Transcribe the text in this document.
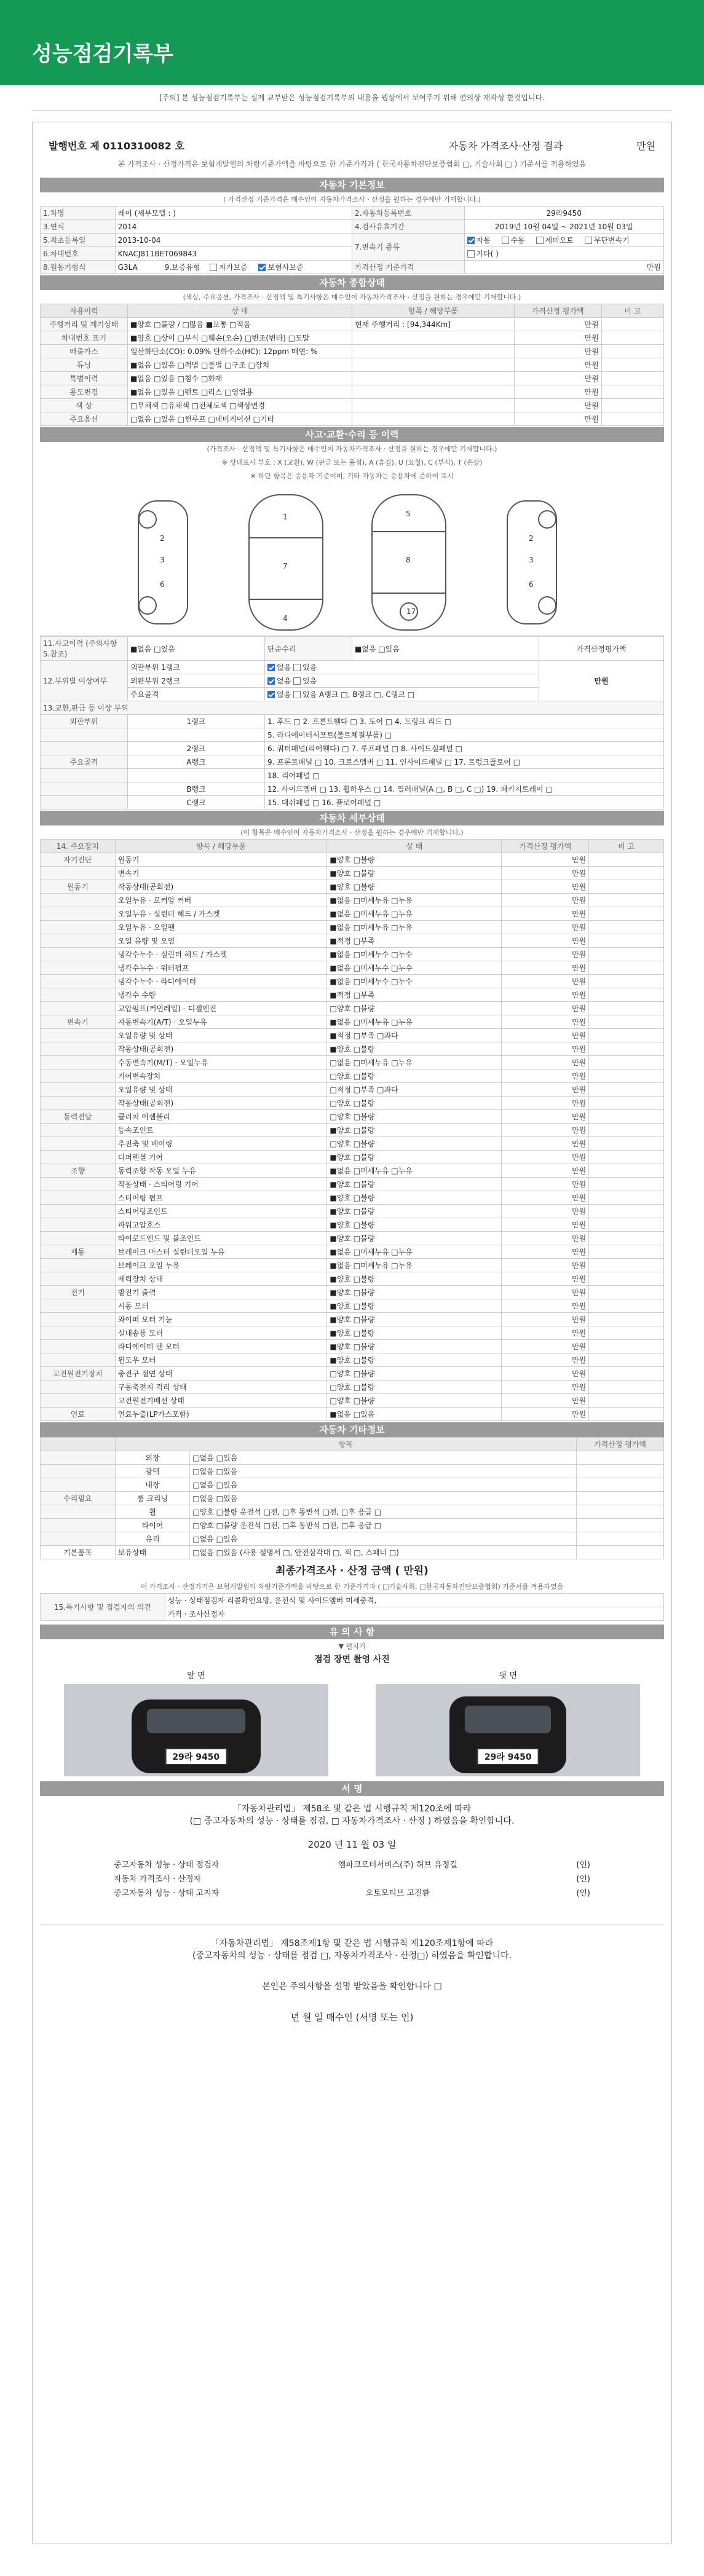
성능점검기록부
[주의] 본 성능점검기록부는 실제 교부받은 성능점검기록부의 내용을 웹상에서 보여주기 위해 편의상 재작성 한것입니다.
발행번호 제 0110310082 호	자동차 가격조사·산정 결과	만원
본 가격조사 · 산정가격은 보험개발원의 차량기준가액을 바탕으로 한 가준가격과 ( 한국자동차진단보증협회 □, 기술사회 □ ) 기준서를 적용하였음
자동차 기본정보
( 가격산정 기준가격은 매수인이 자동차가격조사 · 산정을 원하는 경우에만 기재합니다.)
1.차명	레이 (세부모델 : )	2.자동차등록번호	29라9450
3.연식	2014	4.검사유효기간	2019년 10월 04일 ~ 2021년 10월 03일
5.최초등록일	2013-10-04	7.변속기 종류	자동 수동 세미오토 무단변속기
6.차대번호	KNACJ811BET069843		기타( )
8.원동기형식	G3LA 9.보증유형 자가보증 보험사보증	가격산정 기준가격	만원
자동차 종합상태
(색상, 주요옵션, 가격조사 · 산정액 및 특기사항은 매수인이 자동차가격조사 · 산정을 원하는 경우에만 기재합니다.)
사용이력	상 태	항목 / 해당부품	가격산정 평가액	비 고
주행거리 및 계기상태	■양호 □불량 / □많음 ■보통 □적음	현재 주행거리 : [94,344Km]	만원	
차대번호 표기	■양호 □상이 □부식 □훼손(오손) □변조(변타) □도말		만원	
배출가스	일산화탄소(CO): 0.09% 탄화수소(HC): 12ppm 매연: %		만원	
튜닝	■없음 □있음 □적법 □불법 □구조 □장치		만원	
특별이력	■없음 □있음 □침수 □화재		만원	
용도변경	■없음 □있음 □렌트 □리스 □영업용		만원	
색 상	□무채색 □유채색 □전체도색 □색상변경		만원	
주요옵션	□없음 □있음 □썬루프 □네비게이션 □기타		만원	
사고·교환·수리 등 이력
(가격조사 · 산정액 및 특기사항은 매수인이 자동차가격조사 · 산정을 원하는 경우에만 기재합니다.)
※ 상태표시 부호 : X (교환), W (판금 또는 용접), A (흠집), U (요철), C (부식), T (손상)
※ 하단 항목은 승용차 기준이며, 기타 자동차는 승용차에 준하여 표시
1
7
4
5
8
17
3	3
2	2
6	6
11.사고이력 (주의사항 5.참조)	■없음 □있음	단순수리	■없음 □있음	가격산정평가액
12.부위별 이상여부	외판부위 1랭크	없음 있음		만원
	외판부위 2랭크	없음 있음		
	주요골격	없음 있음 A랭크 □, B랭크 □, C랭크 □		
13.교환,판금 등 이상 부위				
외판부위	1랭크	1. 후드 □ 2. 프론트휀다 □ 3. 도어 □ 4. 트렁크 리드 □		
		5. 라디에이터서포트(볼트체결부품) □		
	2랭크	6. 쿼터패널(리어휀다) □ 7. 루프패널 □ 8. 사이드실패널 □		
주요골격	A랭크	9. 프론트패널 □ 10. 크로스멤버 □ 11. 인사이드패널 □ 17. 트렁크플로어 □		
		18. 리어패널 □		
	B랭크	12. 사이드멤버 □ 13. 휠하우스 □ 14. 필러패널(A □, B □, C □) 19. 패키지트레이 □		
	C랭크	15. 대쉬패널 □ 16. 플로어패널 □		
자동차 세부상태
(이 항목은 매수인이 자동차가격조사 · 산정을 원하는 경우에만 기재합니다.)
14. 주요장치	항목 / 해당부품	상 태	가격산정 평가액	비 고
자기진단	원동기	■양호 □불량	만원	
	변속기	■양호 □불량	만원	
원동기	작동상태(공회전)	■양호 □불량	만원	
	오일누유 · 로커암 커버	■없음 □미세누유 □누유	만원	
	오일누유 · 실린더 헤드 / 가스켓	■없음 □미세누유 □누유	만원	
	오일누유 · 오일팬	■없음 □미세누유 □누유	만원	
	오일 유량 및 오염	■적정 □부족	만원	
	냉각수누수 · 실린더 헤드 / 가스켓	■없음 □미세누수 □누수	만원	
	냉각수누수 · 워터펌프	■없음 □미세누수 □누수	만원	
	냉각수누수 · 라디에이터	■없음 □미세누수 □누수	만원	
	냉각수 수량	■적정 □부족	만원	
	고압펌프(커먼레일) - 디젤엔진	□양호 □불량	만원	
변속기	자동변속기(A/T) · 오일누유	■없음 □미세누유 □누유	만원	
	오일유량 및 상태	■적정 □부족 □과다	만원	
	작동상태(공회전)	■양호 □불량	만원	
	수동변속기(M/T) · 오일누유	□없음 □미세누유 □누유	만원	
	기어변속장치	□양호 □불량	만원	
	오일유량 및 상태	□적정 □부족 □과다	만원	
	작동상태(공회전)	□양호 □불량	만원	
동력전달	클러치 어셈블리	□양호 □불량	만원	
	등속조인트	■양호 □불량	만원	
	추진축 및 베어링	□양호 □불량	만원	
	디퍼렌셜 기어	■양호 □불량	만원	
조향	동력조향 작동 오일 누유	■없음 □미세누유 □누유	만원	
	작동상태 · 스티어링 기어	■양호 □불량	만원	
	스티어링 펌프	■양호 □불량	만원	
	스티어링조인트	■양호 □불량	만원	
	파워고압호스	■양호 □불량	만원	
	타이로드엔드 및 볼조인트	■양호 □불량	만원	
제동	브레이크 마스터 실린더오일 누유	■없음 □미세누유 □누유	만원	
	브레이크 오일 누유	■없음 □미세누유 □누유	만원	
	배력장치 상태	■양호 □불량	만원	
전기	발전기 출력	■양호 □불량	만원	
	시동 모터	■양호 □불량	만원	
	와이퍼 모터 기능	■양호 □불량	만원	
	실내송풍 모터	■양호 □불량	만원	
	라디에이터 팬 모터	■양호 □불량	만원	
	윈도우 모터	■양호 □불량	만원	
고전원전기장치	충전구 절연 상태	□양호 □불량	만원	
	구동축전지 격리 상태	□양호 □불량	만원	
	고전원전기배선 상태	□양호 □불량	만원	
연료	연료누출(LP가스포함)	■없음 □있음	만원	
자동차 기타정보
	항목		가격산정 평가액
	외장	□없음 □있음	
	광택	□없음 □있음	
	내장	□없음 □있음	
수리필요	룸 크리닝	□없음 □있음	
	휠	□양호 □불량 운전석 □전, □후 동반석 □전, □후 응급 □	
	타이어	□양호 □불량 운전석 □전, □후 동반석 □전, □후 응급 □	
	유리	□없음 □있음	
기본품목	보유상태	□없음 □있음 (사용 설명서 □, 안전삼각대 □, 잭 □, 스패너 □)	
최종가격조사 · 산정 금액 ( 만원)
이 가격조사 · 산정가격은 보험개발원의 차량기준가액을 바탕으로 한 기준가격과 ( □기술사회, □한국자동차진단보증협회) 기준서를 적용하였음
15.특기사항 및 점검자의 의견	성능 · 상태점검자 리콜확인요망, 운전석 및 사이드엠버 미세충격,
가격 · 조사산정자
유 의 사 항
▼ 펼치기
점검 장면 촬영 사진
앞 면
29라 9450
뒷 면
29라 9450
서 명
「자동차관리법」 제58조 및 같은 법 시행규칙 제120조에 따라
(□ 중고자동차의 성능 · 상태를 점검, □ 자동차가격조사 · 산정 ) 하였음을 확인합니다.
2020 년 11 월 03 일
중고자동차 성능 · 상태 점검자	엠파크모터서비스(주) 허브 유정길	(인)
자동차 가격조사 · 산정자	(인)
중고자동차 성능 · 상태 고지자	오토모티브 고진환	(인)
「자동차관리법」 제58조제1항 및 같은 법 시행규칙 제120조제1항에 따라
(중고자동차의 성능 · 상태를 점검 □, 자동차가격조사 · 산정□) 하였음을 확인합니다.
본인은 주의사항을 설명 받았음을 확인합니다 □
년 월 일 매수인 (서명 또는 인)
